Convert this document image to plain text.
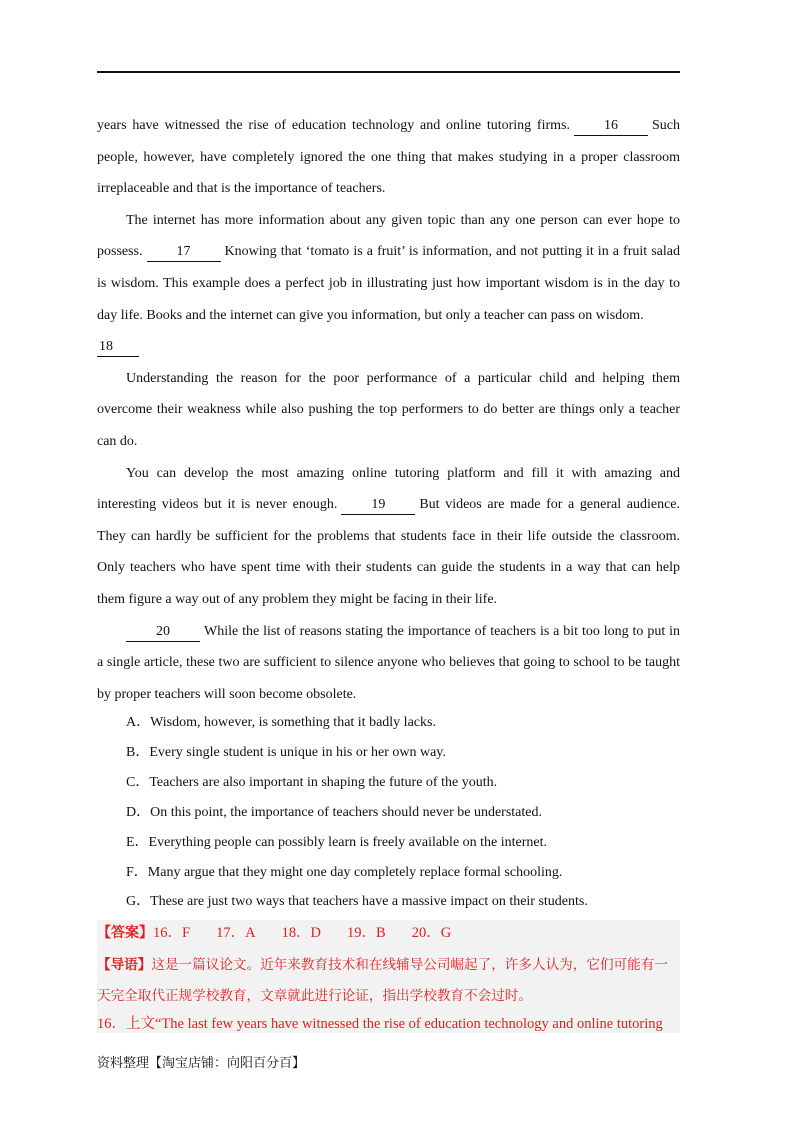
years have witnessed the rise of education technology and online tutoring firms. 16 Such people, however, have completely ignored the one thing that makes studying in a proper classroom irreplaceable and that is the importance of teachers.

The internet has more information about any given topic than any one person can ever hope to possess. 17 Knowing that ‘tomato is a fruit’ is information, and not putting it in a fruit salad is wisdom. This example does a perfect job in illustrating just how important wisdom is in the day to day life. Books and the internet can give you information, but only a teacher can pass on wisdom.

18

Understanding the reason for the poor performance of a particular child and helping them overcome their weakness while also pushing the top performers to do better are things only a teacher can do.

You can develop the most amazing online tutoring platform and fill it with amazing and interesting videos but it is never enough. 19 But videos are made for a general audience. They can hardly be sufficient for the problems that students face in their life outside the classroom. Only teachers who have spent time with their students can guide the students in a way that can help them figure a way out of any problem they might be facing in their life.

20 While the list of reasons stating the importance of teachers is a bit too long to put in a single article, these two are sufficient to silence anyone who believes that going to school to be taught by proper teachers will soon become obsolete.

A．Wisdom, however, is something that it badly lacks.
B．Every single student is unique in his or her own way.
C．Teachers are also important in shaping the future of the youth.
D．On this point, the importance of teachers should never be understated.
E．Everything people can possibly learn is freely available on the internet.
F．Many argue that they might one day completely replace formal schooling.
G．These are just two ways that teachers have a massive impact on their students.
【答案】16．F 17．A 18．D 19．B 20．G
【导语】这是一篇议论文。近年来教育技术和在线辅导公司崛起了，许多人认为，它们可能有一天完全取代正规学校教育，文章就此进行论证，指出学校教育不会过时。
16．上文“The last few years have witnessed the rise of education technology and online tutoring
资料整理【淘宝店铺：向阳百分百】
